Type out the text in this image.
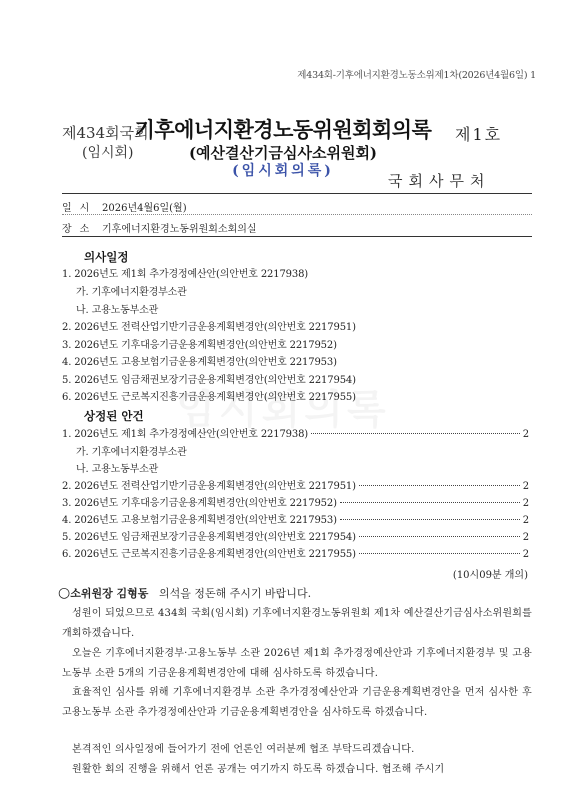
제434회-기후에너지환경노동소위제1차(2026년4월6일) 1
제434회국회
(임시회)
기후에너지환경노동위원회회의록
(예산결산기금심사소위원회)
(임시회의록)
제1호
국회사무처
일시 2026년4월6일(월)
장소 기후에너지환경노동위원회소회의실
의사일정
1. 2026년도 제1회 추가경정예산안(의안번호 2217938)
가. 기후에너지환경부소관
나. 고용노동부소관
2. 2026년도 전력산업기반기금운용계획변경안(의안번호 2217951)
3. 2026년도 기후대응기금운용계획변경안(의안번호 2217952)
4. 2026년도 고용보험기금운용계획변경안(의안번호 2217953)
5. 2026년도 임금채권보장기금운용계획변경안(의안번호 2217954)
6. 2026년도 근로복지진흥기금운용계획변경안(의안번호 2217955)
상정된 안건
1. 2026년도 제1회 추가경정예산안(의안번호 2217938)	2
가. 기후에너지환경부소관
나. 고용노동부소관
2. 2026년도 전력산업기반기금운용계획변경안(의안번호 2217951)	2
3. 2026년도 기후대응기금운용계획변경안(의안번호 2217952)	2
4. 2026년도 고용보험기금운용계획변경안(의안번호 2217953)	2
5. 2026년도 임금채권보장기금운용계획변경안(의안번호 2217954)	2
6. 2026년도 근로복지진흥기금운용계획변경안(의안번호 2217955)	2
(10시09분 개의)
○소위원장 김형동 의석을 정돈해 주시기 바랍니다.
성원이 되었으므로 434회 국회(임시회) 기후에너지환경노동위원회 제1차 예산결산기금심사소위원회를 개회하겠습니다.
오늘은 기후에너지환경부·고용노동부 소관 2026년 제1회 추가경정예산안과 기후에너지환경부 및 고용노동부 소관 5개의 기금운용계획변경안에 대해 심사하도록 하겠습니다.
효율적인 심사를 위해 기후에너지환경부 소관 추가경정예산안과 기금운용계획변경안을 먼저 심사한 후 고용노동부 소관 추가경정예산안과 기금운용계획변경안을 심사하도록 하겠습니다.
본격적인 의사일정에 들어가기 전에 언론인 여러분께 협조 부탁드리겠습니다.
원활한 회의 진행을 위해서 언론 공개는 여기까지 하도록 하겠습니다. 협조해 주시기
